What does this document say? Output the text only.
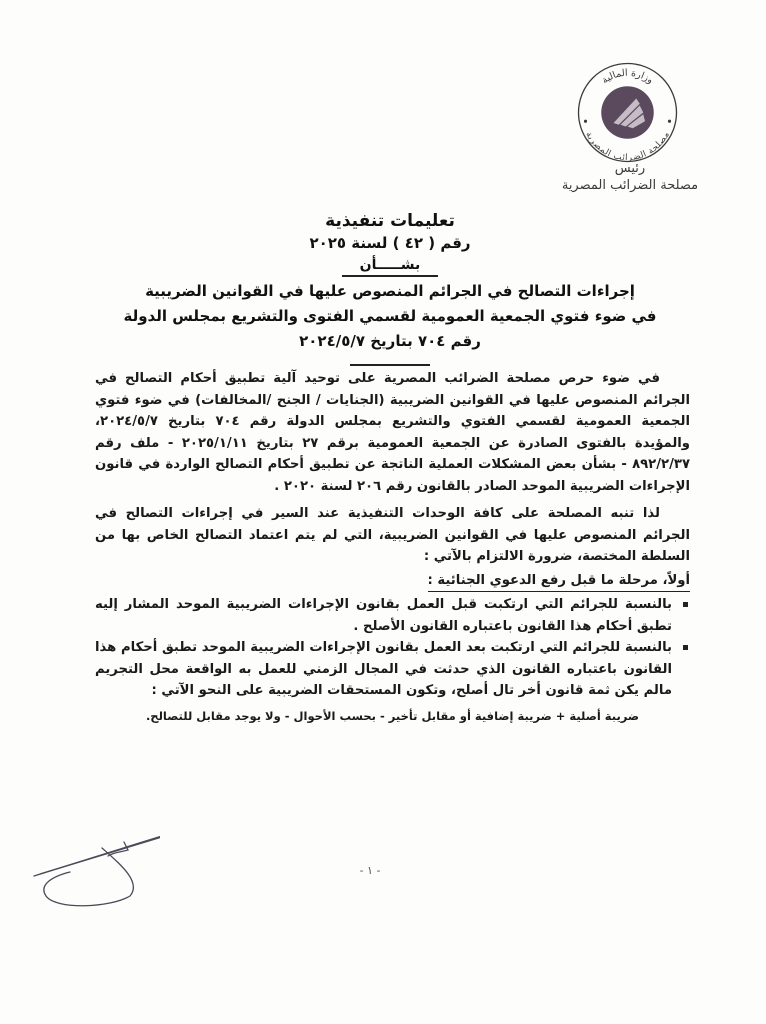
وزارة المالية
مصلحة الضرائب المصرية
رئيس
مصلحة الضرائب المصرية
تعليمات تنفيذية
رقم ( ٤٢ ) لسنة ٢٠٢٥
بشـــــأن
إجراءات التصالح في الجرائم المنصوص عليها في القوانين الضريبية
في ضوء فتوي الجمعية العمومية لقسمي الفتوى والتشريع بمجلس الدولة
رقم ٧٠٤ بتاريخ ٢٠٢٤/٥/٧

في ضوء حرص مصلحة الضرائب المصرية على توحيد آلية تطبيق أحكام التصالح في الجرائم المنصوص عليها في القوانين الضريبية (الجنايات / الجنح /المخالفات) في ضوء فتوي الجمعية العمومية لقسمي الفتوي والتشريع بمجلس الدولة رقم ٧٠٤ بتاريخ ٢٠٢٤/٥/٧، والمؤيدة بالفتوى الصادرة عن الجمعية العمومية برقم ٢٧ بتاريخ ٢٠٢٥/١/١١ - ملف رقم ٨٩٢/٢/٣٧ - بشأن بعض المشكلات العملية الناتجة عن تطبيق أحكام التصالح الواردة في قانون الإجراءات الضريبية الموحد الصادر بالقانون رقم ٢٠٦ لسنة ٢٠٢٠ .

لذا تنبه المصلحة على كافة الوحدات التنفيذية عند السير في إجراءات التصالح في الجرائم المنصوص عليها في القوانين الضريبية، التي لم يتم اعتماد التصالح الخاص بها من السلطة المختصة، ضرورة الالتزام بالآتي :

أولاً، مرحلة ما قبل رفع الدعوي الجنائية :
بالنسبة للجرائم التي ارتكبت قبل العمل بقانون الإجراءات الضريبية الموحد المشار إليه تطبق أحكام هذا القانون باعتباره القانون الأصلح .
بالنسبة للجرائم التي ارتكبت بعد العمل بقانون الإجراءات الضريبية الموحد تطبق أحكام هذا القانون باعتباره القانون الذي حدثت في المجال الزمني للعمل به الواقعة محل التجريم مالم يكن ثمة قانون أخر تال أصلح، وتكون المستحقات الضريبية على النحو الآتي :
ضريبة أصلية + ضريبة إضافية أو مقابل تأخير - بحسب الأحوال - ولا يوجد مقابل للتصالح.
- ١ -
